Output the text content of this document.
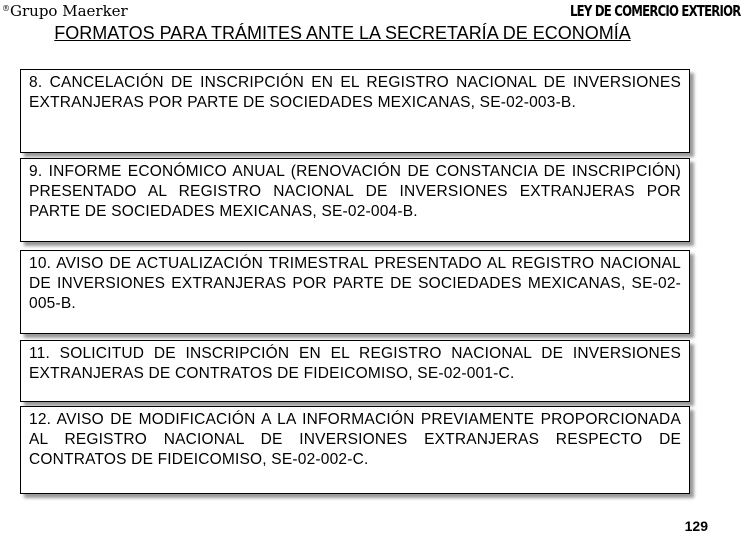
®Grupo Maerker	LEY DE COMERCIO EXTERIOR
FORMATOS PARA TRÁMITES ANTE LA SECRETARÍA DE ECONOMÍA
8. CANCELACIÓN DE INSCRIPCIÓN EN EL REGISTRO NACIONAL DE INVERSIONES EXTRANJERAS POR PARTE DE SOCIEDADES MEXICANAS, SE-02-003-B.
9. INFORME ECONÓMICO ANUAL (RENOVACIÓN DE CONSTANCIA DE INSCRIPCIÓN) PRESENTADO AL REGISTRO NACIONAL DE INVERSIONES EXTRANJERAS POR PARTE DE SOCIEDADES MEXICANAS, SE-02-004-B.
10. AVISO DE ACTUALIZACIÓN TRIMESTRAL PRESENTADO AL REGISTRO NACIONAL DE INVERSIONES EXTRANJERAS POR PARTE DE SOCIEDADES MEXICANAS, SE-02-005-B.
11. SOLICITUD DE INSCRIPCIÓN EN EL REGISTRO NACIONAL DE INVERSIONES EXTRANJERAS DE CONTRATOS DE FIDEICOMISO, SE-02-001-C.
12. AVISO DE MODIFICACIÓN A LA INFORMACIÓN PREVIAMENTE PROPORCIONADA AL REGISTRO NACIONAL DE INVERSIONES EXTRANJERAS RESPECTO DE CONTRATOS DE FIDEICOMISO, SE-02-002-C.
129
